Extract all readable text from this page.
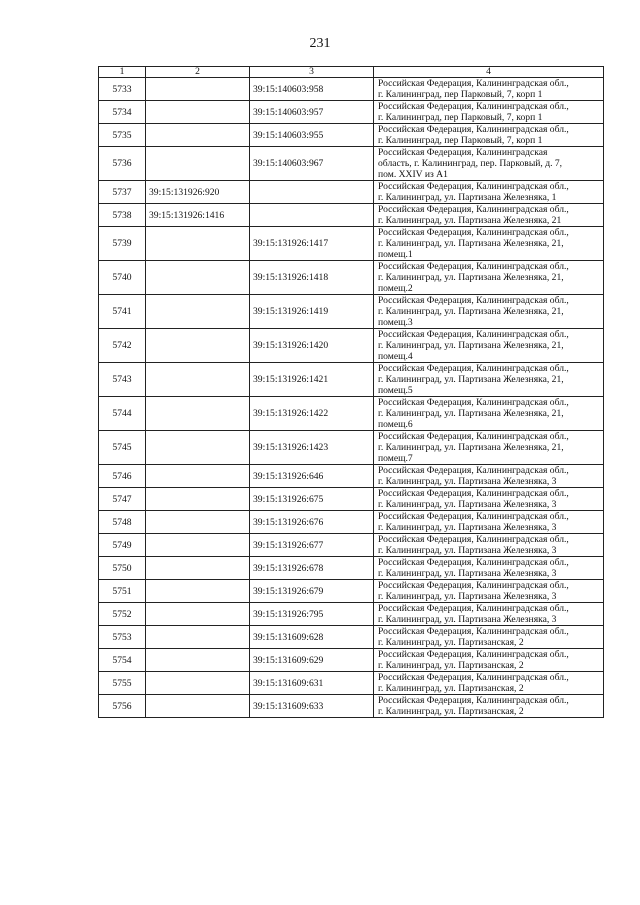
231
1	2	3	4
5733		39:15:140603:958	Российская Федерация, Калининградская обл.,
г. Калининград, пер Парковый, 7, корп 1

5734		39:15:140603:957	Российская Федерация, Калининградская обл.,
г. Калининград, пер Парковый, 7, корп 1

5735		39:15:140603:955	Российская Федерация, Калининградская обл.,
г. Калининград, пер Парковый, 7, корп 1

5736		39:15:140603:967	Российская Федерация, Калининградская
область, г. Калининград, пер. Парковый, д. 7,
пом. XXIV из А1

5737	39:15:131926:920		Российская Федерация, Калининградская обл.,
г. Калининград, ул. Партизана Железняка, 1

5738	39:15:131926:1416		Российская Федерация, Калининградская обл.,
г. Калининград, ул. Партизана Железняка, 21

5739		39:15:131926:1417	Российская Федерация, Калининградская обл.,
г. Калининград, ул. Партизана Железняка, 21,
помещ.1

5740		39:15:131926:1418	Российская Федерация, Калининградская обл.,
г. Калининград, ул. Партизана Железняка, 21,
помещ.2

5741		39:15:131926:1419	Российская Федерация, Калининградская обл.,
г. Калининград, ул. Партизана Железняка, 21,
помещ.3

5742		39:15:131926:1420	Российская Федерация, Калининградская обл.,
г. Калининград, ул. Партизана Железняка, 21,
помещ.4

5743		39:15:131926:1421	Российская Федерация, Калининградская обл.,
г. Калининград, ул. Партизана Железняка, 21,
помещ.5

5744		39:15:131926:1422	Российская Федерация, Калининградская обл.,
г. Калининград, ул. Партизана Железняка, 21,
помещ.6

5745		39:15:131926:1423	Российская Федерация, Калининградская обл.,
г. Калининград, ул. Партизана Железняка, 21,
помещ.7

5746		39:15:131926:646	Российская Федерация, Калининградская обл.,
г. Калининград, ул. Партизана Железняка, 3

5747		39:15:131926:675	Российская Федерация, Калининградская обл.,
г. Калининград, ул. Партизана Железняка, 3

5748		39:15:131926:676	Российская Федерация, Калининградская обл.,
г. Калининград, ул. Партизана Железняка, 3

5749		39:15:131926:677	Российская Федерация, Калининградская обл.,
г. Калининград, ул. Партизана Железняка, 3

5750		39:15:131926:678	Российская Федерация, Калининградская обл.,
г. Калининград, ул. Партизана Железняка, 3

5751		39:15:131926:679	Российская Федерация, Калининградская обл.,
г. Калининград, ул. Партизана Железняка, 3

5752		39:15:131926:795	Российская Федерация, Калининградская обл.,
г. Калининград, ул. Партизана Железняка, 3

5753		39:15:131609:628	Российская Федерация, Калининградская обл.,
г. Калининград, ул. Партизанская, 2

5754		39:15:131609:629	Российская Федерация, Калининградская обл.,
г. Калининград, ул. Партизанская, 2

5755		39:15:131609:631	Российская Федерация, Калининградская обл.,
г. Калининград, ул. Партизанская, 2

5756		39:15:131609:633	Российская Федерация, Калининградская обл.,
г. Калининград, ул. Партизанская, 2
